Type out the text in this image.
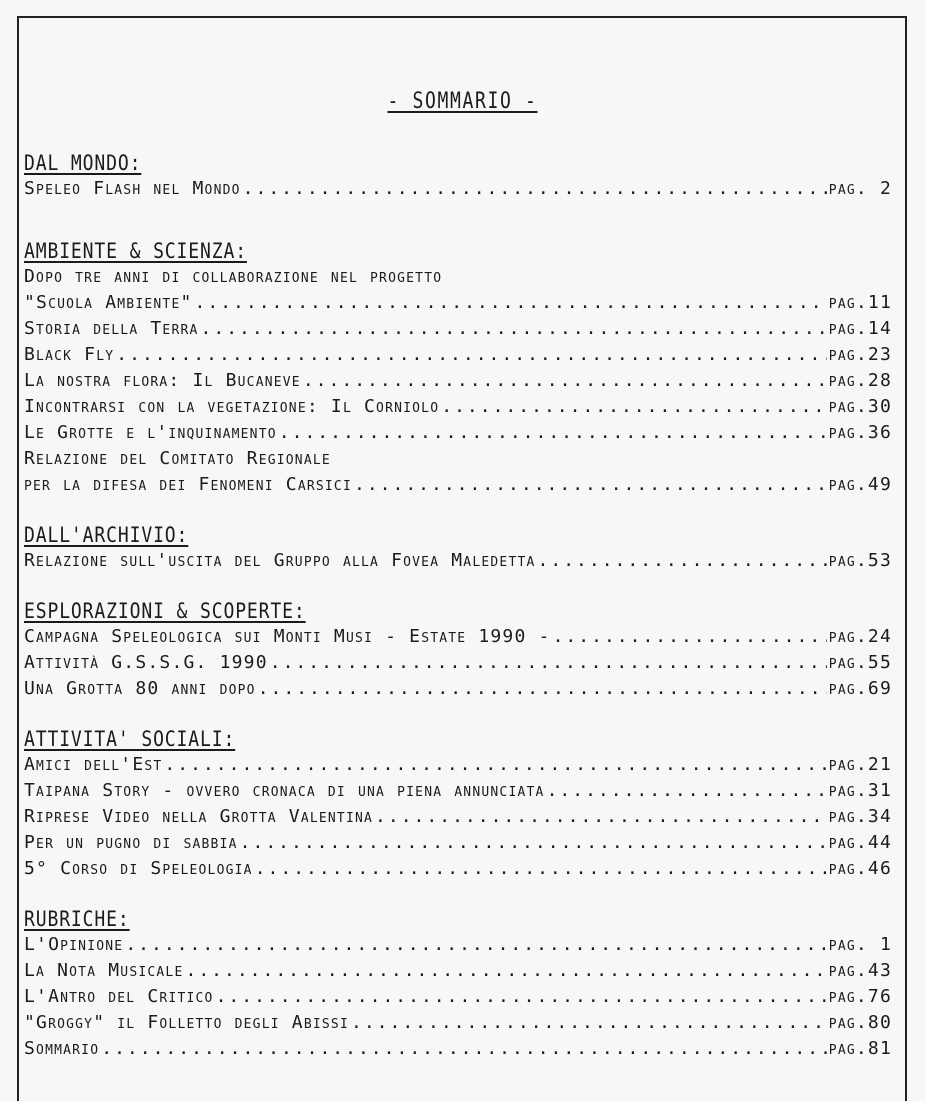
- SOMMARIO -
DAL MONDO:
Speleo Flash nel Mondo .....	pag. 2
AMBIENTE & SCIENZA:
Dopo tre anni di collaborazione nel progetto
"Scuola Ambiente" .....	pag.11
Storia della Terra .....	pag.14
Black Fly .....	pag.23
La nostra flora: Il Bucaneve .....	pag.28
Incontrarsi con la vegetazione: Il Corniolo .....	pag.30
Le Grotte e l'inquinamento .....	pag.36
Relazione del Comitato Regionale
per la difesa dei Fenomeni Carsici .....	pag.49
DALL'ARCHIVIO:
Relazione sull'uscita del Gruppo alla Fovea Maledetta .....	pag.53
ESPLORAZIONI & SCOPERTE:
Campagna Speleologica sui Monti Musi - Estate 1990 - .....	pag.24
Attività G.S.S.G. 1990 .....	pag.55
Una Grotta 80 anni dopo .....	pag.69
ATTIVITA' SOCIALI:
Amici dell'Est .....	pag.21
Taipana Story - ovvero cronaca di una piena annunciata .....	pag.31
Riprese Video nella Grotta Valentina .....	pag.34
Per un pugno di sabbia .....	pag.44
5° Corso di Speleologia .....	pag.46
RUBRICHE:
L'Opinione .....	pag. 1
La Nota Musicale .....	pag.43
L'Antro del Critico .....	pag.76
"Groggy" il Folletto degli Abissi .....	pag.80
Sommario .....	pag.81
